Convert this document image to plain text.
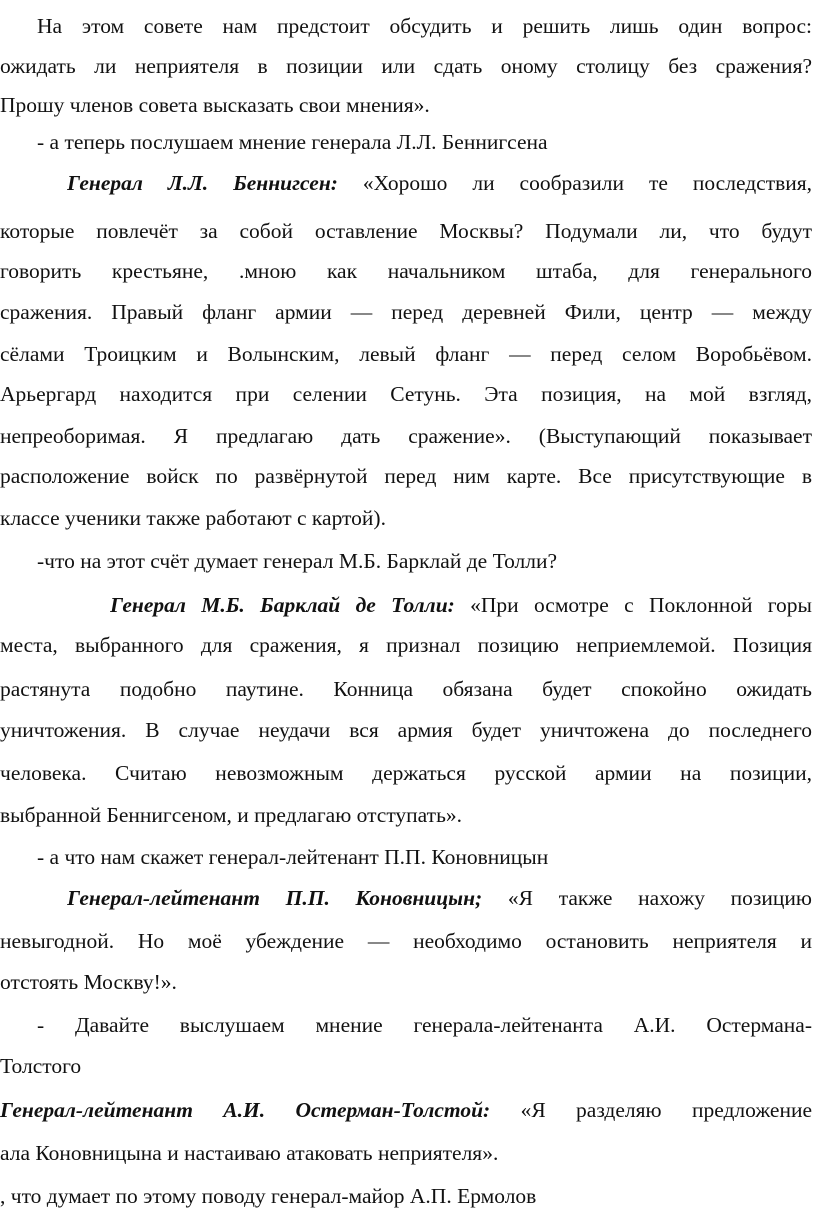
На этом совете нам предстоит обсудить и решить лишь один вопрос:
ожидать ли неприятеля в позиции или сдать оному столицу без сражения?
Прошу членов совета высказать свои мнения».
- а теперь послушаем мнение генерала Л.Л. Беннигсена
Генерал Л.Л. Беннигсен: «Хорошо ли сообразили те последствия,
которые повлечёт за собой оставление Москвы? Подумали ли, что будут
говорить крестьяне, .мною как начальником штаба, для генерального
сражения. Правый фланг армии — перед деревней Фили, центр — между
сёлами Троицким и Волынским, левый фланг — перед селом Воробьёвом.
Арьергард находится при селении Сетунь. Эта позиция, на мой взгляд,
непреоборимая. Я предлагаю дать сражение». (Выступающий показывает
расположение войск по развёрнутой перед ним карте. Все присутствующие в
классе ученики также работают с картой).
-что на этот счёт думает генерал М.Б. Барклай де Толли?
Генерал М.Б. Барклай де Толли: «При осмотре с Поклонной горы
места, выбранного для сражения, я признал позицию неприемлемой. Позиция
растянута подобно паутине. Конница обязана будет спокойно ожидать
уничтожения. В случае неудачи вся армия будет уничтожена до последнего
человека. Считаю невозможным держаться русской армии на позиции,
выбранной Беннигсеном, и предлагаю отступать».
- а что нам скажет генерал-лейтенант П.П. Коновницын
Генерал-лейтенант П.П. Коновницын; «Я также нахожу позицию
невыгодной. Но моё убеждение — необходимо остановить неприятеля и
отстоять Москву!».
- Давайте выслушаем мнение генерала-лейтенанта А.И. Остермана-
Толстого
Генерал-лейтенант А.И. Остерман-Толстой: «Я разделяю предложение
ала Коновницына и настаиваю атаковать неприятеля».
, что думает по этому поводу генерал-майор А.П. Ермолов
